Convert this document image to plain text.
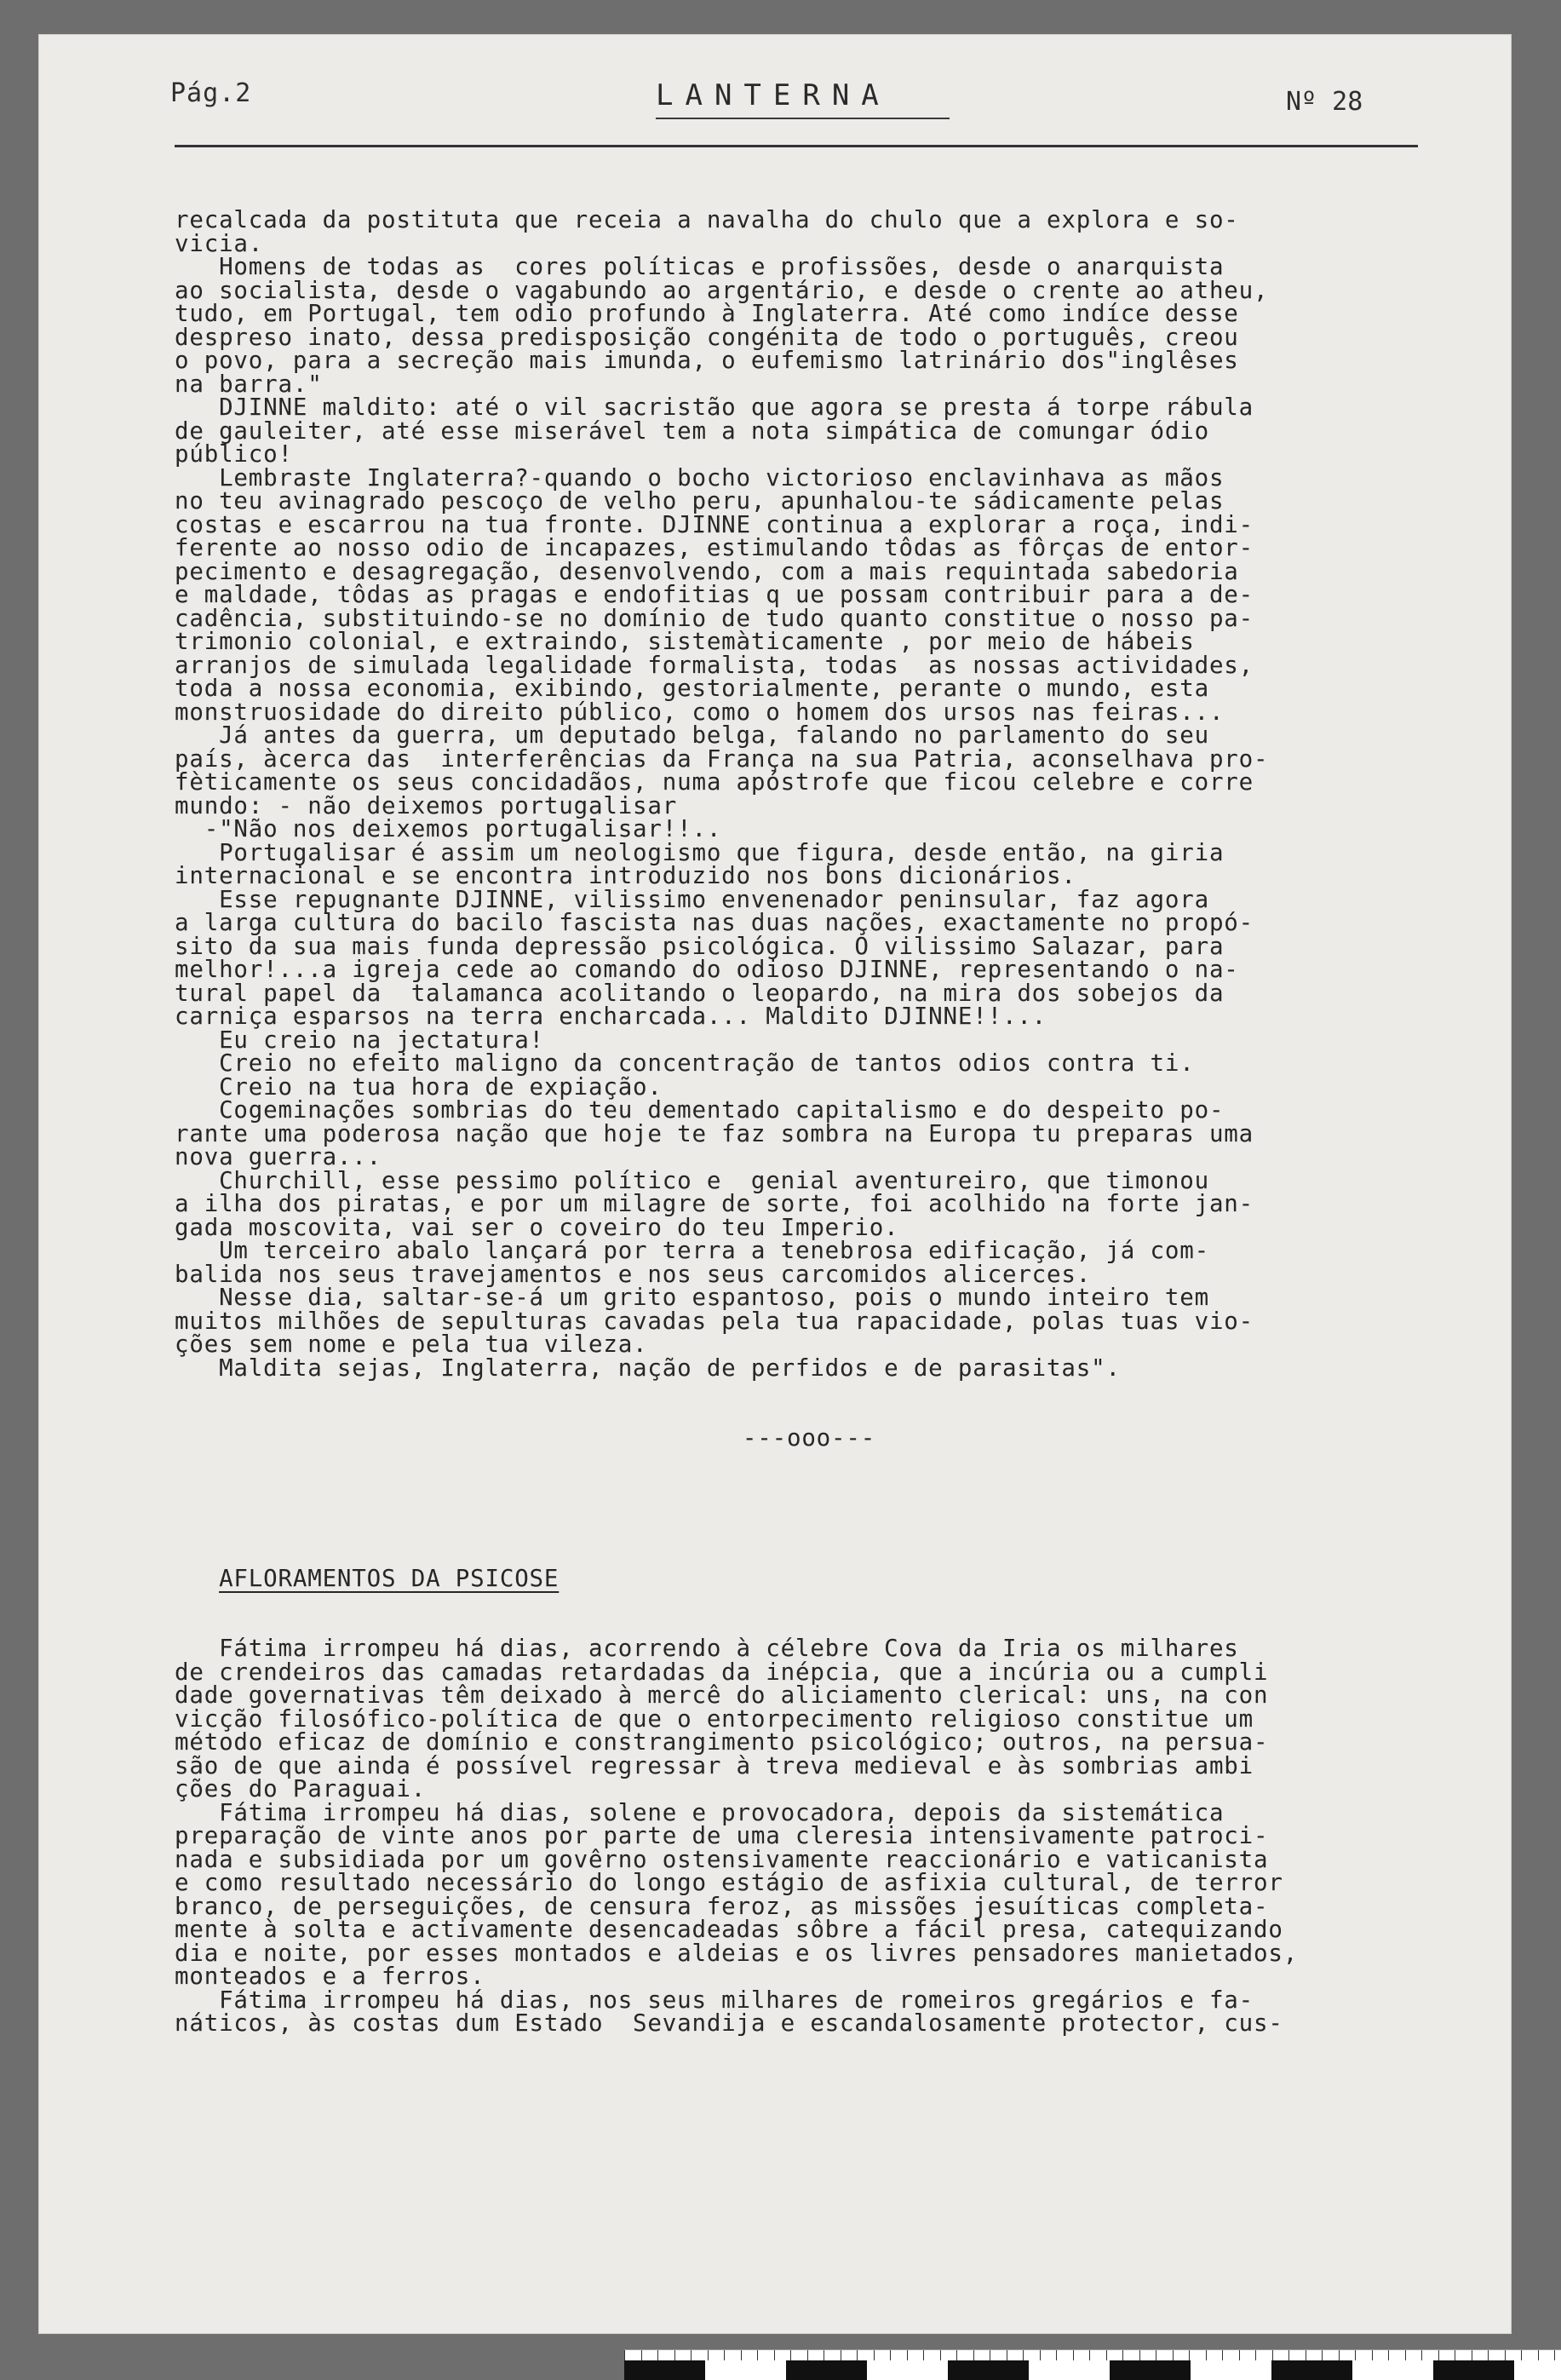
Pág.2	LANTERNA	Nº 28

recalcada da postituta que receia a navalha do chulo que a explora e so-

vicia.

Homens de todas as  cores políticas e profissões, desde o anarquista

ao socialista, desde o vagabundo ao argentário, e desde o crente ao atheu,

tudo, em Portugal, tem odio profundo à Inglaterra. Até como indíce desse

despreso inato, dessa predisposição congénita de todo o português, creou

o povo, para a secreção mais imunda, o eufemismo latrinário dos"inglêses

na barra."

DJINNE maldito: até o vil sacristão que agora se presta á torpe rábula

de gauleiter, até esse miserável tem a nota simpática de comungar ódio

público!

Lembraste Inglaterra?-quando o bocho victorioso enclavinhava as mãos

no teu avinagrado pescoço de velho peru, apunhalou-te sádicamente pelas

costas e escarrou na tua fronte. DJINNE continua a explorar a roça, indi-

ferente ao nosso odio de incapazes, estimulando tôdas as fôrças de entor-

pecimento e desagregação, desenvolvendo, com a mais requintada sabedoria

e maldade, tôdas as pragas e endofitias q ue possam contribuir para a de-

cadência, substituindo-se no domínio de tudo quanto constitue o nosso pa-

trimonio colonial, e extraindo, sistemàticamente , por meio de hábeis

arranjos de simulada legalidade formalista, todas  as nossas actividades,

toda a nossa economia, exibindo, gestorialmente, perante o mundo, esta

monstruosidade do direito público, como o homem dos ursos nas feiras...

Já antes da guerra, um deputado belga, falando no parlamento do seu

país, àcerca das  interferências da França na sua Patria, aconselhava pro-

fèticamente os seus concidadãos, numa apóstrofe que ficou celebre e corre

mundo: - não deixemos portugalisar

-"Não nos deixemos portugalisar!!..

Portugalisar é assim um neologismo que figura, desde então, na giria

internacional e se encontra introduzido nos bons dicionários.

Esse repugnante DJINNE, vilissimo envenenador peninsular, faz agora

a larga cultura do bacilo fascista nas duas nações, exactamente no propó-

sito da sua mais funda depressão psicológica. O vilissimo Salazar, para

melhor!...a igreja cede ao comando do odioso DJINNE, representando o na-

tural papel da  talamanca acolitando o leopardo, na mira dos sobejos da

carniça esparsos na terra encharcada... Maldito DJINNE!!...

Eu creio na jectatura!

Creio no efeito maligno da concentração de tantos odios contra ti.

Creio na tua hora de expiação.

Cogeminações sombrias do teu dementado capitalismo e do despeito po-

rante uma poderosa nação que hoje te faz sombra na Europa tu preparas uma

nova guerra...

Churchill, esse pessimo político e  genial aventureiro, que timonou

a ilha dos piratas, e por um milagre de sorte, foi acolhido na forte jan-

gada moscovita, vai ser o coveiro do teu Imperio.

Um terceiro abalo lançará por terra a tenebrosa edificação, já com-

balida nos seus travejamentos e nos seus carcomidos alicerces.

Nesse dia, saltar-se-á um grito espantoso, pois o mundo inteiro tem

muitos milhões de sepulturas cavadas pela tua rapacidade, polas tuas vio-

ções sem nome e pela tua vileza.

Maldita sejas, Inglaterra, nação de perfidos e de parasitas".

---ooo---

AFLORAMENTOS DA PSICOSE

Fátima irrompeu há dias, acorrendo à célebre Cova da Iria os milhares

de crendeiros das camadas retardadas da inépcia, que a incúria ou a cumpli

dade governativas têm deixado à mercê do aliciamento clerical: uns, na con

vicção filosófico-política de que o entorpecimento religioso constitue um

método eficaz de domínio e constrangimento psicológico; outros, na persua-

são de que ainda é possível regressar à treva medieval e às sombrias ambi

ções do Paraguai.

Fátima irrompeu há dias, solene e provocadora, depois da sistemática

preparação de vinte anos por parte de uma cleresia intensivamente patroci-

nada e subsidiada por um govêrno ostensivamente reaccionário e vaticanista

e como resultado necessário do longo estágio de asfixia cultural, de terror

branco, de perseguições, de censura feroz, as missões jesuíticas completa-

mente à solta e activamente desencadeadas sôbre a fácil presa, catequizando

dia e noite, por esses montados e aldeias e os livres pensadores manietados,

monteados e a ferros.

Fátima irrompeu há dias, nos seus milhares de romeiros gregários e fa-

náticos, às costas dum Estado  Sevandija e escandalosamente protector, cus-
